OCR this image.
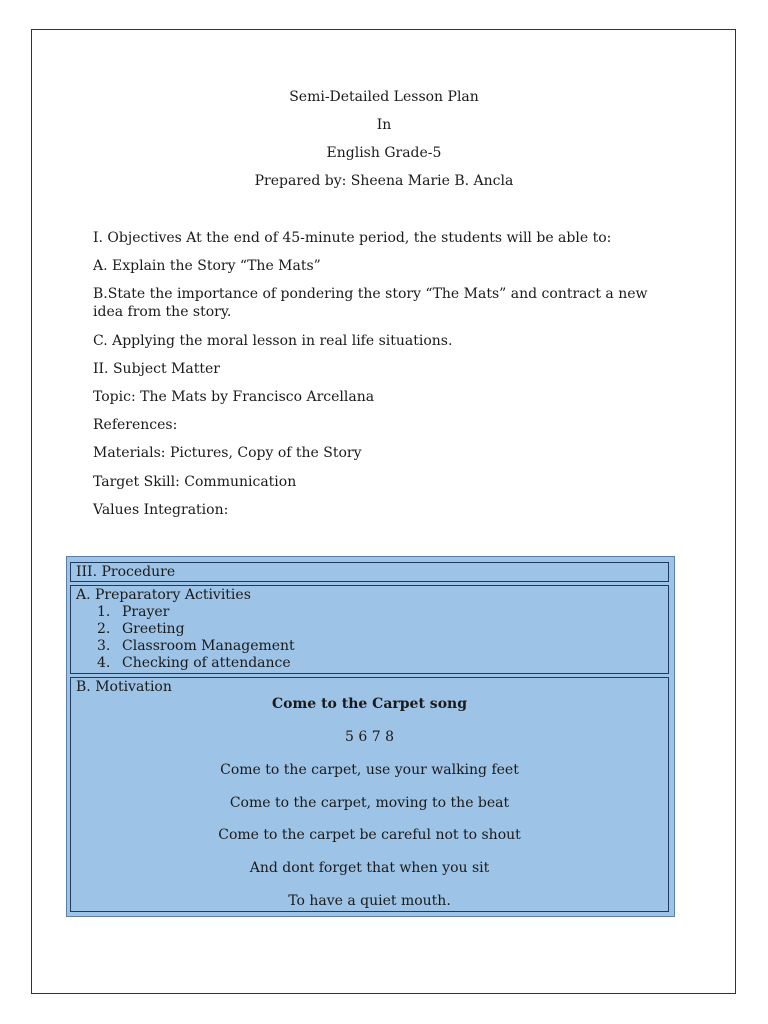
Semi-Detailed Lesson Plan
In
English Grade-5
Prepared by: Sheena Marie B. Ancla
I. Objectives At the end of 45-minute period, the students will be able to:
A. Explain the Story “The Mats”
B.State the importance of pondering the story “The Mats” and contract a new idea from the story.
C. Applying the moral lesson in real life situations.
II. Subject Matter
Topic: The Mats by Francisco Arcellana
References:
Materials: Pictures, Copy of the Story
Target Skill: Communication
Values Integration:
III. Procedure
A. Preparatory Activities
1. Prayer
2. Greeting
3. Classroom Management
4. Checking of attendance
B. Motivation
Come to the Carpet song
5 6 7 8
Come to the carpet, use your walking feet
Come to the carpet, moving to the beat
Come to the carpet be careful not to shout
And dont forget that when you sit
To have a quiet mouth.
